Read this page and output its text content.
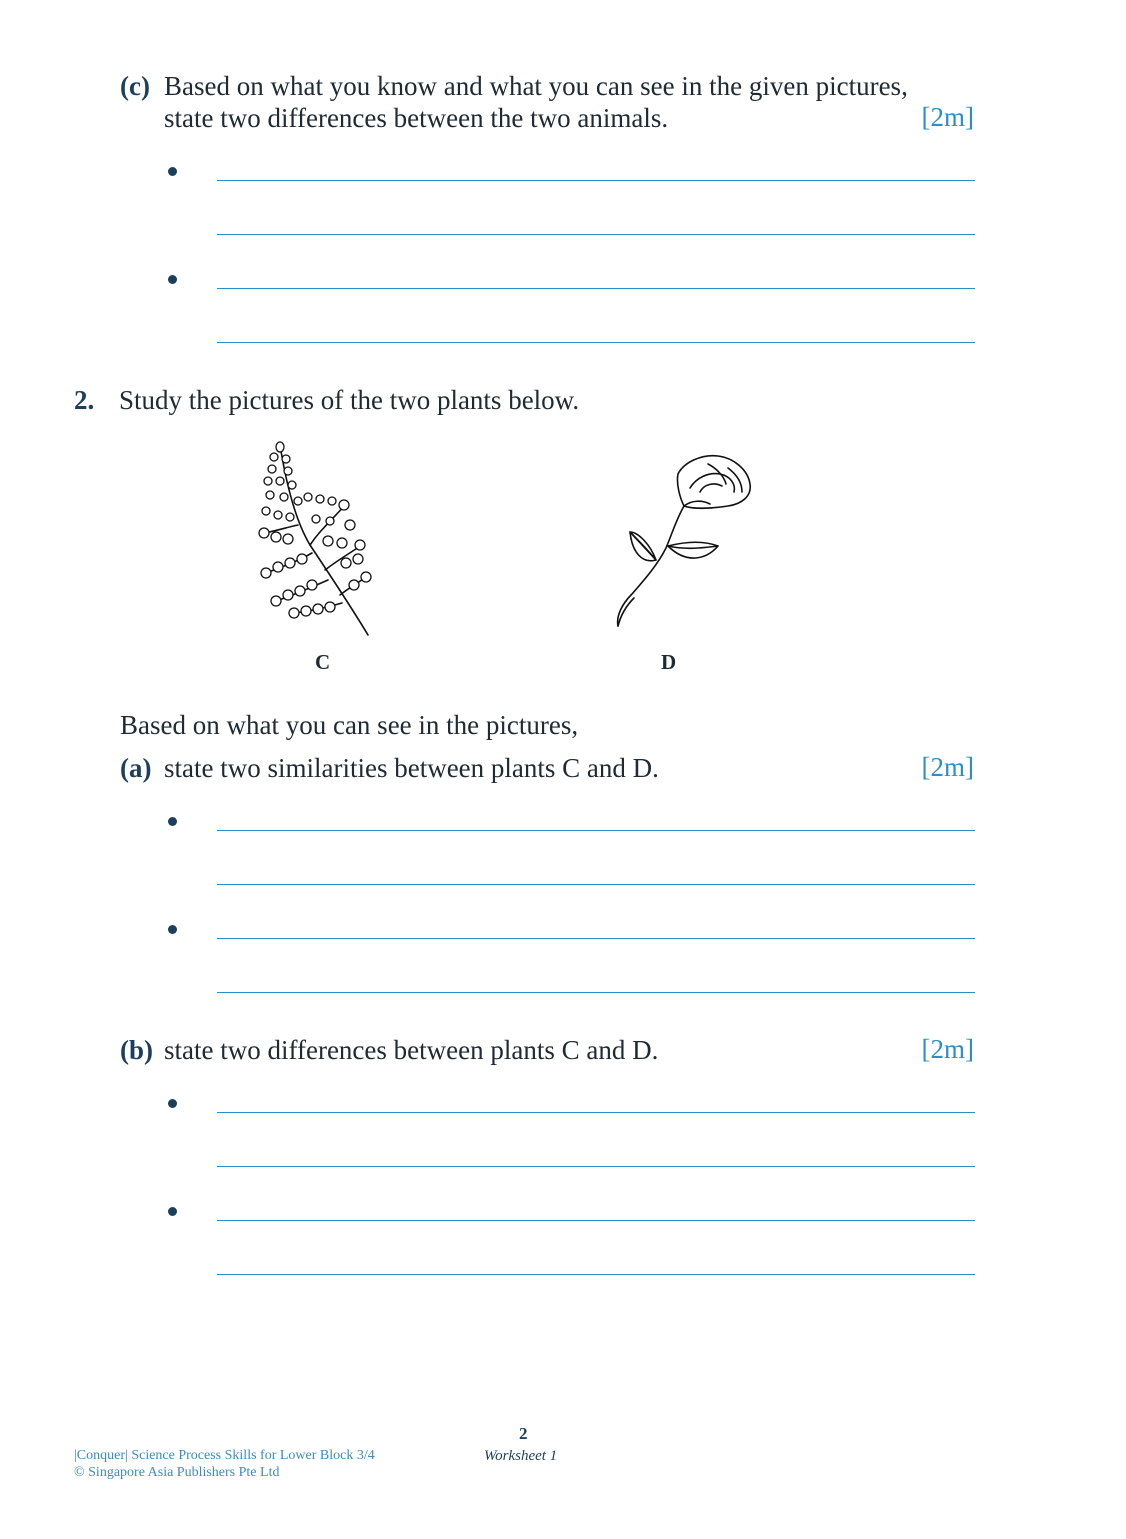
(c) Based on what you know and what you can see in the given pictures,
state two differences between the two animals.	[2m]
2. Study the pictures of the two plants below.
C	D
Based on what you can see in the pictures,
(a) state two similarities between plants C and D.	[2m]
(b) state two differences between plants C and D.	[2m]
2
Worksheet 1
|Conquer| Science Process Skills for Lower Block 3/4
© Singapore Asia Publishers Pte Ltd
